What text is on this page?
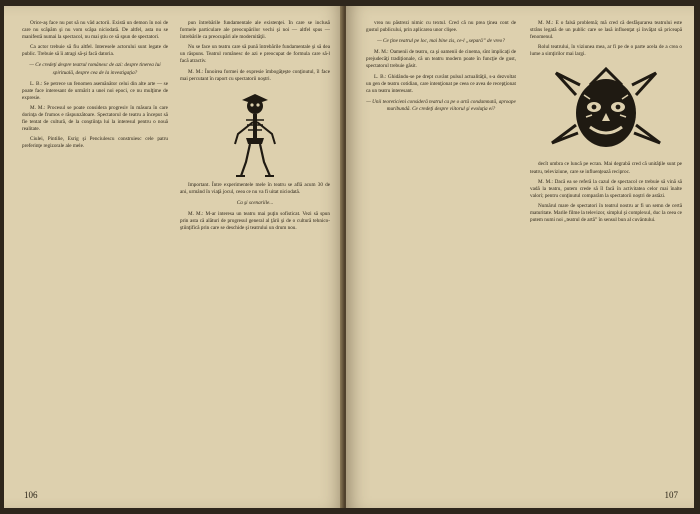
Orice-aş face nu pot să nu văd actorii. Există un demon în noi de care nu scăpăm şi nu vom scăpa niciodată. De altfel, asta nu se manifestă numai la spectacol, nu mai ştiu ce să spun de spectatori.

Ca actor trebuie să fiu altfel. Interesele actorului sunt legate de public. Trebuie să îi atragi să-şi facă datoria.

— Ce credeţi despre teatrul românesc de azi: despre tinerea lui spirituală, despre cea de la investigaţia?

L. B.: Se petrece un fenomen asemănător celui din alte arte — se poate face interesant de urmărit a unei noi epoci, ce nu mulţime de expresie.

M. M.: Procesul se poate considera progresiv în măsura în care dorinţa de frumos e răspunzătoare. Spectatorul de teatru a început să fie tentat de cultură, de la conştiinţa lui la interesul pentru o nouă realitate.

Ciulei, Pintilie, Esrig şi Penciulescu construiesc cele patru preferinţe regizorale ale mele.

pun întrebările fundamentale ale existenţei. În care se inclusă formele particulare ale preocupărilor vechi şi noi — altfel spus — întrebările ca preocupări ale modernităţii.

Nu se face un teatru care să pună întrebările fundamentale şi să dea un răspuns. Teatrul românesc de azi e preocupat de formula care să-l facă atractiv.

M. M.: Înnoirea formei de expresie îmbogăţeşte conţinutul, îl face mai percutant în raport cu spectatorii noştri.

Important. Între experimentele mele în teatru se află acum 30 de ani, urmând în viaţă jocul, ceea ce nu va fi uitat niciodată.

Ca şi scenariile...

M. M.: M-ar interesa un teatru mai puţin sofisticat. Vezi să spun prin asta că alături de progresul general al ţării şi de o cultură tehnico-ştiinţifică prin care se deschide şi teatrului un drum nou.

106

vrea nu păstrezi nimic cu textul. Cred că nu prea ţinea cont de gustul publicului, prin aplicarea unor clişee.

— Ce ţine teatrul pe loc, mai bine zis, ce-l „separă” de vreo?

M. M.: Oamenii de teatru, ca şi oamenii de cinema, sînt implicaţi de prejudecăţi tradiţionale, că un teatru modern poate în funcţie de gust, spectatorul trebuie găsit.

L. B.: Ghidându-se pe drept cuvânt pulsul actualităţii, s-a dezvoltat un gen de teatru cotidian, care intenţionat pe ceea ce avea de recepţionat ca un teatru interesant.

— Unii teoreticieni consideră teatrul ca pe o artă condamnată, aproape muribundă. Ce credeţi despre viitorul şi evoluţia ei?

M. M.: E o falsă problemă; mă cred că desfăşurarea teatrului este strâns legată de un public care se lasă influenţat şi învăţat să priceapă fenomenul.

Rolul teatrului, în viziunea mea, ar fi pe de o parte acela de a crea o lume a simţirilor mai largi.

decît umbra ce luncă pe ecran. Mai degrabă cred că unităţile sunt pe teatru, televiziune, care se influenţează reciproc.

M. M.: Dacă ea se referă la cazul de spectacol ce trebuie să vină să vadă la teatru, putem crede să îl facă în activitatea celor mai înalte valori; pentru conţinutul comparăm la spectatorii noştri de astăzi.

Numărul mare de spectatori în teatrul nostru ar fi un semn de certă maturitate. Marile filme la televizor, simplul şi complexul, duc la ceea ce putem numi noi „teatrul de artă” în sensul bun al cuvântului.

107
